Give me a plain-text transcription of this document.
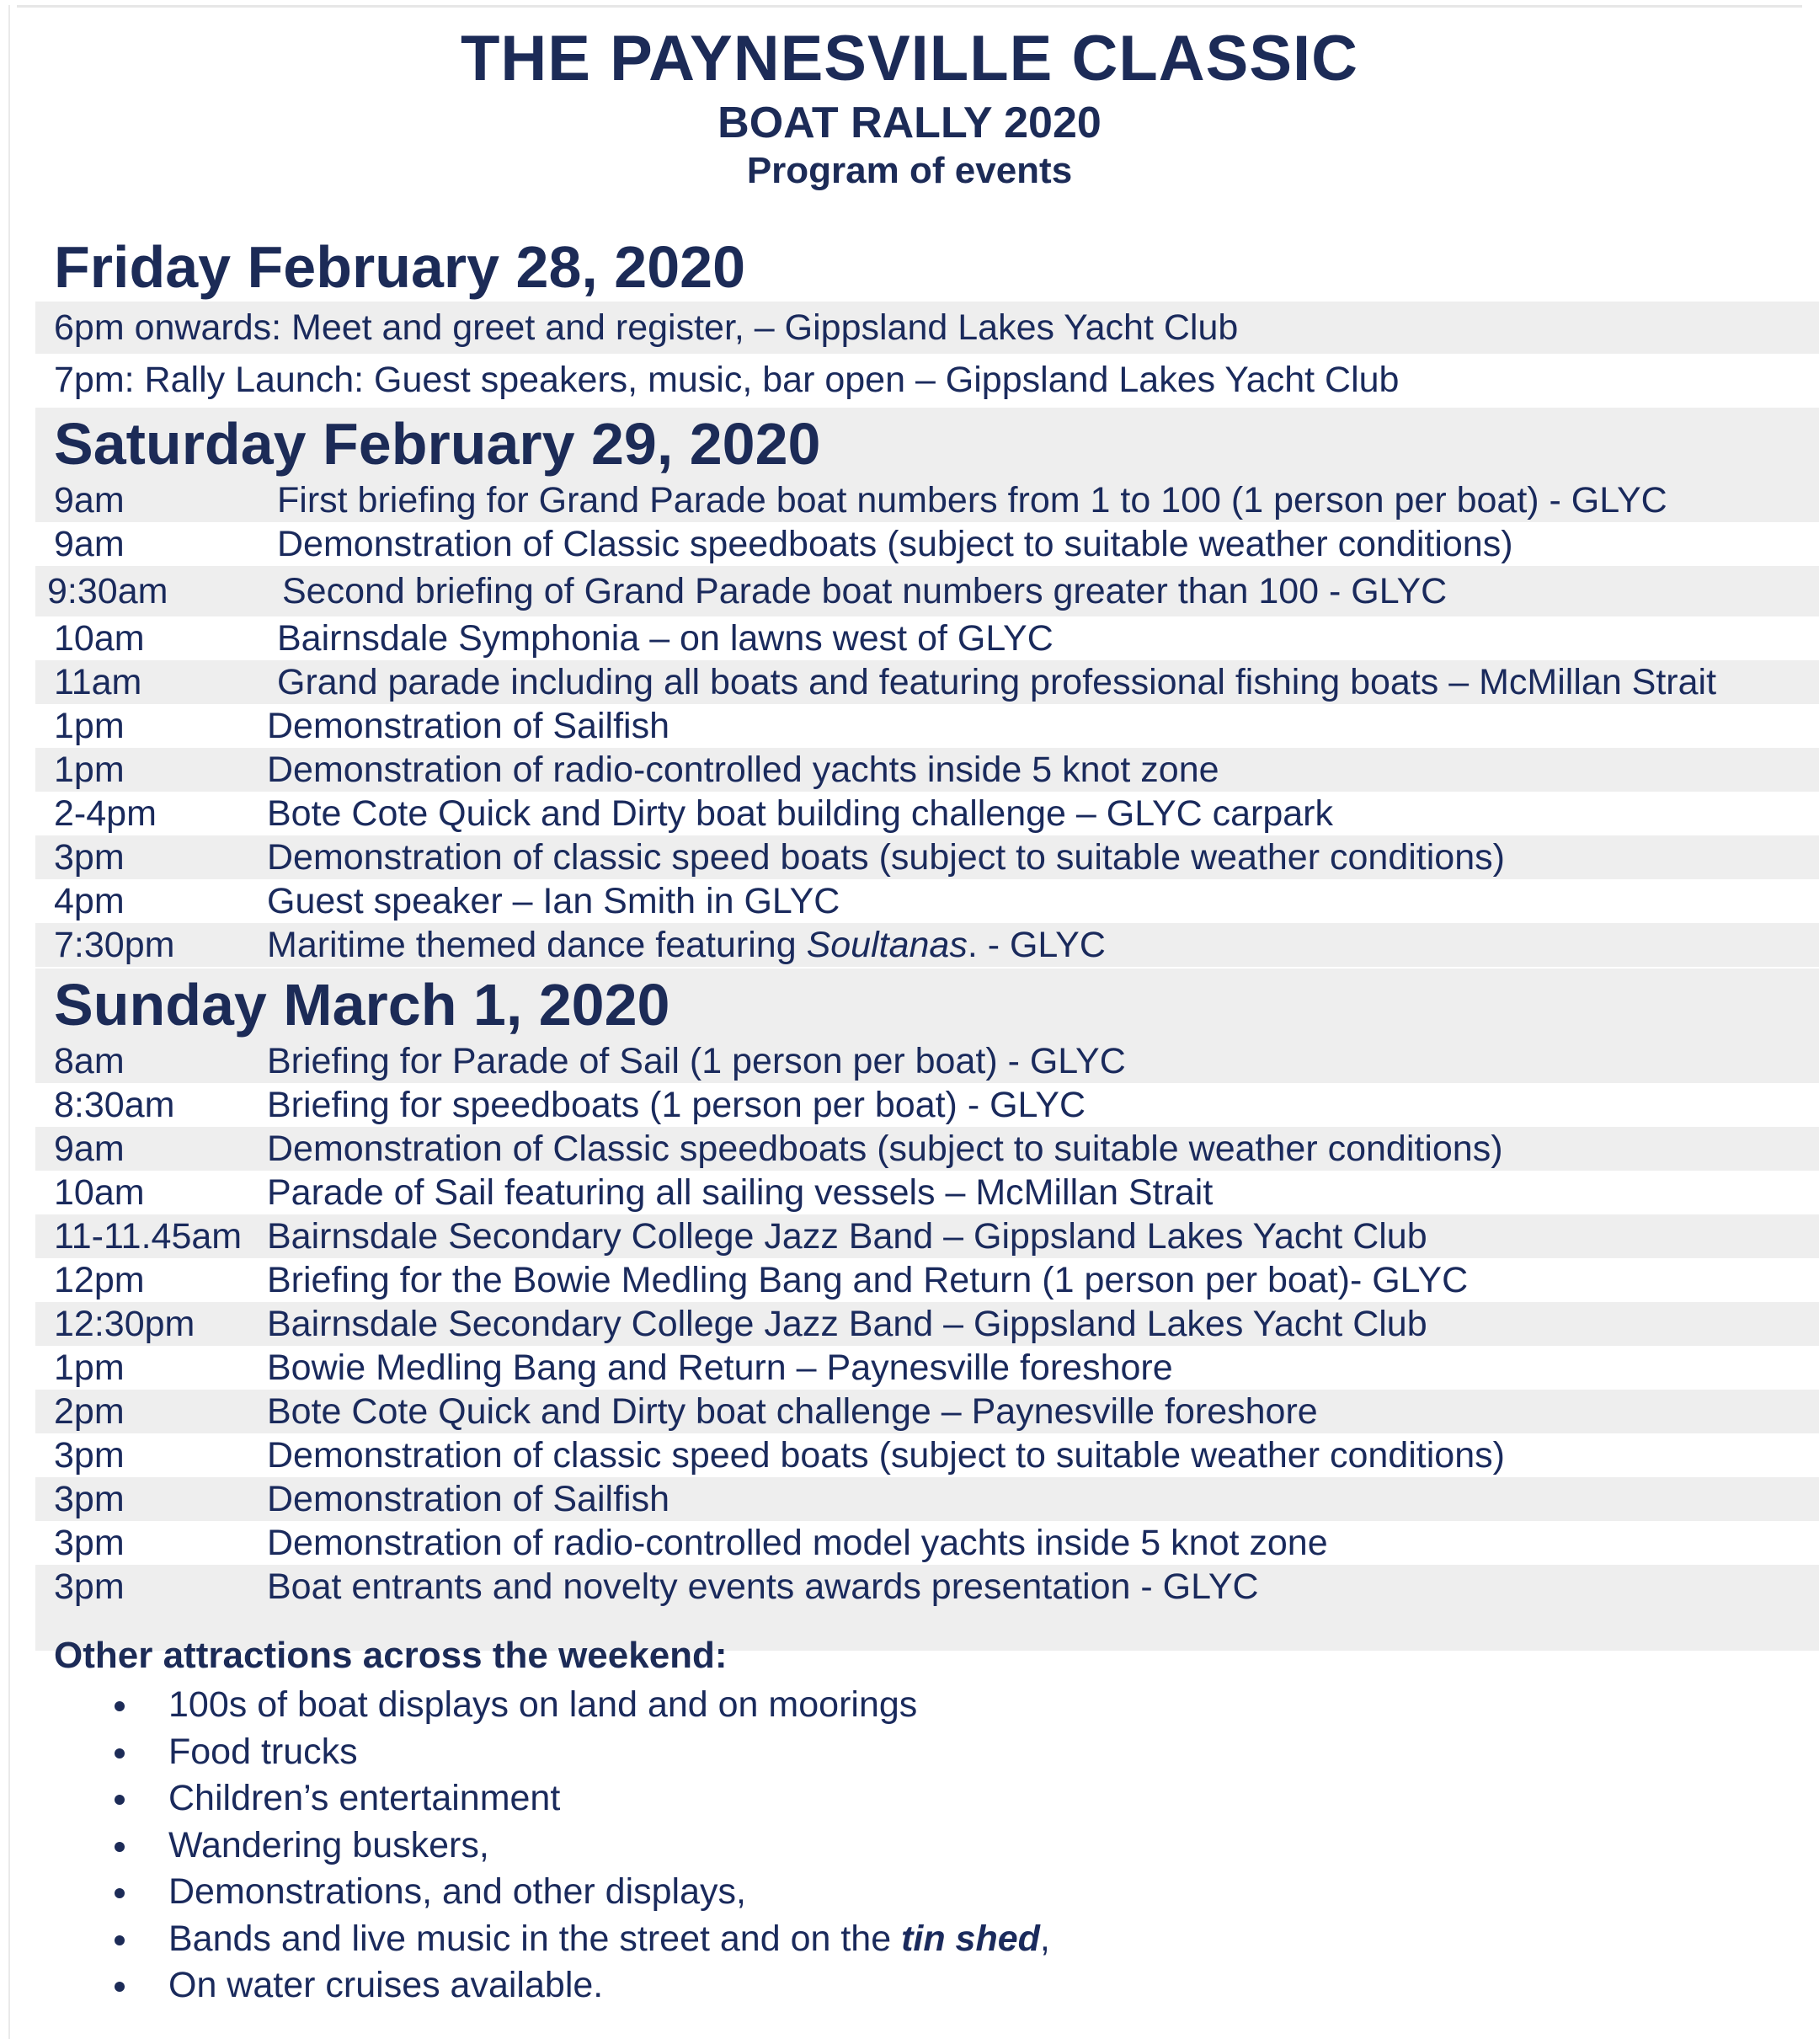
THE PAYNESVILLE CLASSIC
BOAT RALLY 2020
Program of events
Friday February 28, 2020
6pm onwards: Meet and greet and register, – Gippsland Lakes Yacht Club
7pm: Rally Launch: Guest speakers, music, bar open – Gippsland Lakes Yacht Club
Saturday February 29, 2020
9am	First briefing for Grand Parade boat numbers from 1 to 100 (1 person per boat) - GLYC
9am	Demonstration of Classic speedboats (subject to suitable weather conditions)
9:30am	Second briefing of Grand Parade boat numbers greater than 100 - GLYC
10am	Bairnsdale Symphonia – on lawns west of GLYC
11am	Grand parade including all boats and featuring professional fishing boats – McMillan Strait
1pm	Demonstration of Sailfish
1pm	Demonstration of radio-controlled yachts inside 5 knot zone
2-4pm	Bote Cote Quick and Dirty boat building challenge – GLYC carpark
3pm	Demonstration of classic speed boats (subject to suitable weather conditions)
4pm	Guest speaker – Ian Smith in GLYC
7:30pm	Maritime themed dance featuring Soultanas. - GLYC
Sunday March 1, 2020
8am	Briefing for Parade of Sail (1 person per boat) - GLYC
8:30am	Briefing for speedboats (1 person per boat) - GLYC
9am	Demonstration of Classic speedboats (subject to suitable weather conditions)
10am	Parade of Sail featuring all sailing vessels – McMillan Strait
11-11.45am Bairnsdale Secondary College Jazz Band – Gippsland Lakes Yacht Club
12pm	Briefing for the Bowie Medling Bang and Return (1 person per boat)- GLYC
12:30pm Bairnsdale Secondary College Jazz Band – Gippsland Lakes Yacht Club
1pm	Bowie Medling Bang and Return – Paynesville foreshore
2pm	Bote Cote Quick and Dirty boat challenge – Paynesville foreshore
3pm	Demonstration of classic speed boats (subject to suitable weather conditions)
3pm	Demonstration of Sailfish
3pm	Demonstration of radio-controlled model yachts inside 5 knot zone
3pm	Boat entrants and novelty events awards presentation - GLYC
Other attractions across the weekend:
100s of boat displays on land and on moorings
Food trucks
Children’s entertainment
Wandering buskers,
Demonstrations, and other displays,
Bands and live music in the street and on the tin shed,
On water cruises available.
